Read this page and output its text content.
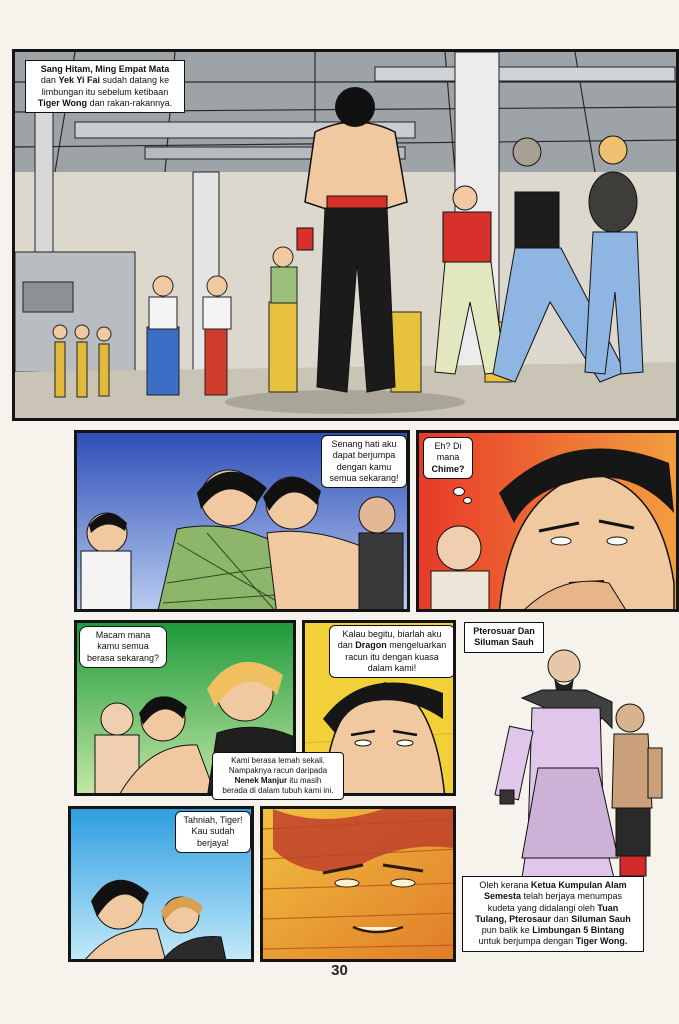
Sang Hitam, Ming Empat Mata
dan Yek Yi Fai sudah datang ke
limbungan itu sebelum ketibaan
Tiger Wong dan rakan-rakannya.
Senang hati aku
dapat berjumpa
dengan kamu
semua sekarang!
Eh? Di
mana
Chime?
Macam mana
kamu semua
berasa sekarang?
Kalau begitu, biarlah aku
dan Dragon mengeluarkan
racun itu dengan kuasa
dalam kami!
Kami berasa lemah sekali.
Nampaknya racun daripada
Nenek Manjur itu masih
berada di dalam tubuh kami ini.
Pterosuar Dan
Siluman Sauh
Oleh kerana Ketua Kumpulan Alam
Semesta telah berjaya menumpas
kudeta yang didalangi oleh Tuan
Tulang, Pterosaur dan Siluman Sauh
pun balik ke Limbungan 5 Bintang
untuk berjumpa dengan Tiger Wong.
Tahniah, Tiger!
Kau sudah
berjaya!
30
